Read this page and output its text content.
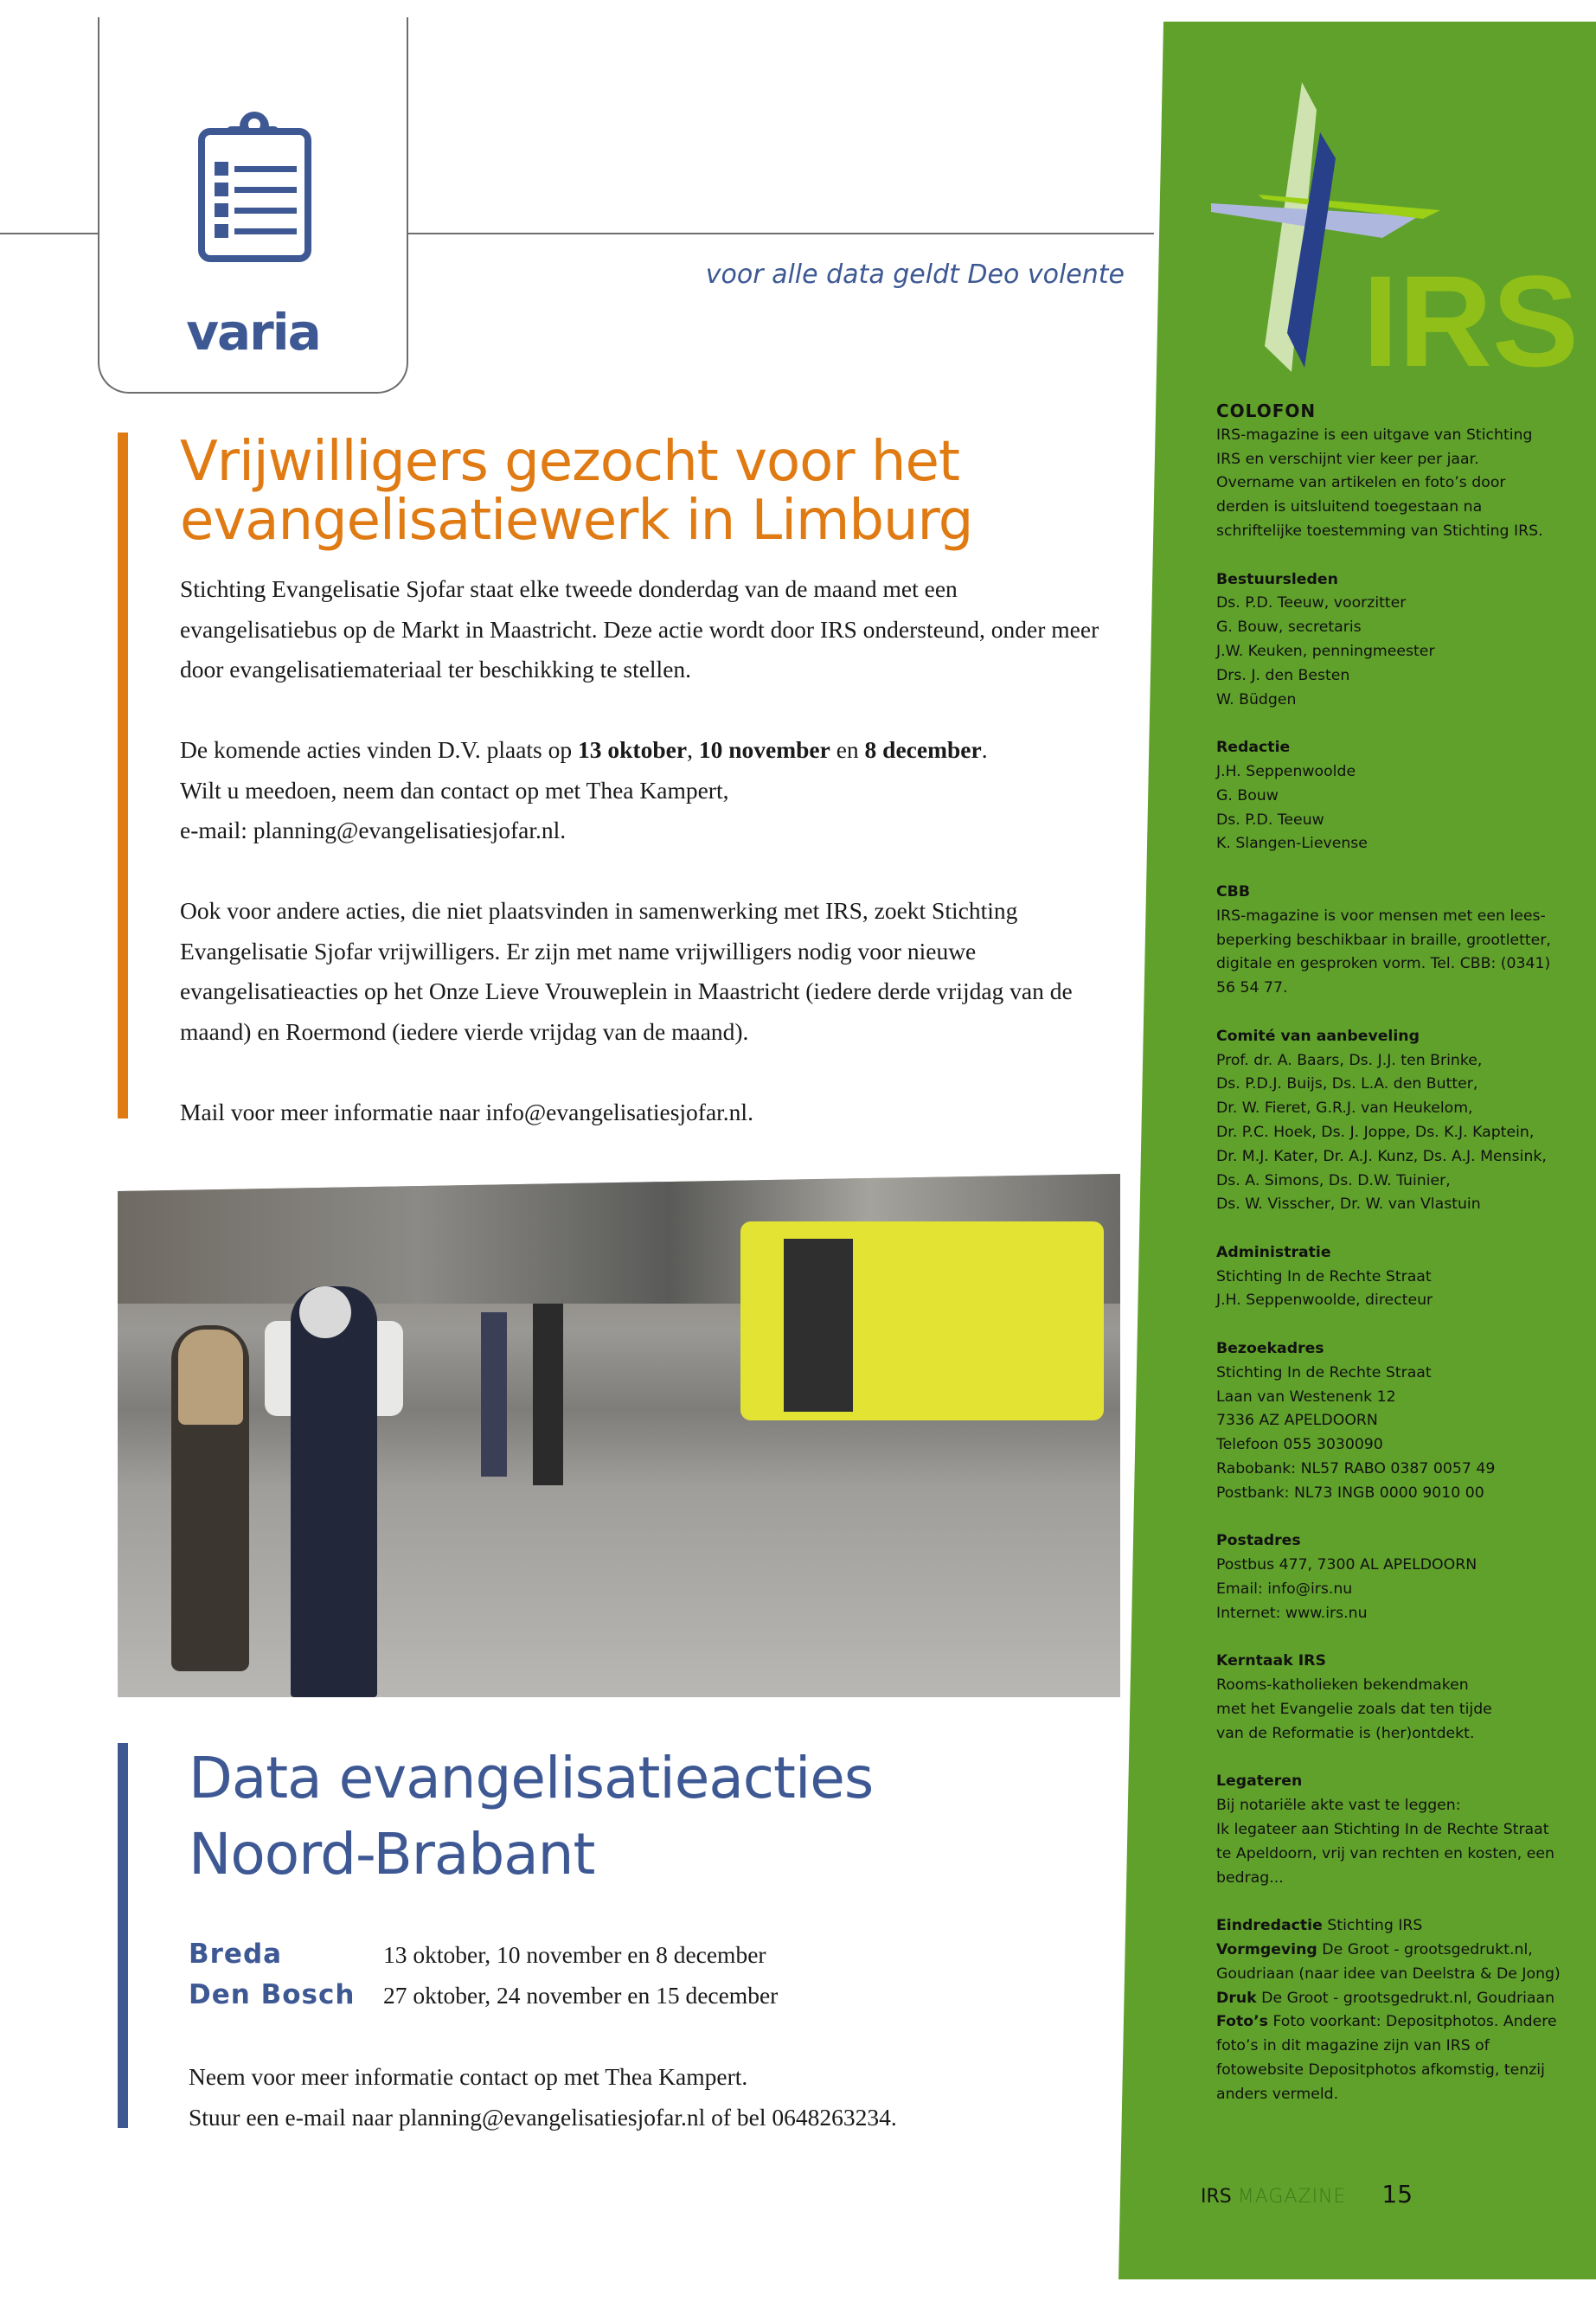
varia
voor alle data geldt Deo volente
Vrijwilligers gezocht voor het
evangelisatiewerk in Limburg

Stichting Evangelisatie Sjofar staat elke tweede donderdag van de maand met een evangelisatiebus op de Markt in Maastricht. Deze actie wordt door IRS ondersteund, onder meer door evangelisatiemateriaal ter beschikking te stellen.

De komende acties vinden D.V. plaats op 13 oktober, 10 november en 8 december.
Wilt u meedoen, neem dan contact op met Thea Kampert,
e-mail: planning@evangelisatiesjofar.nl.

Ook voor andere acties, die niet plaatsvinden in samenwerking met IRS, zoekt Stichting Evangelisatie Sjofar vrijwilligers. Er zijn met name vrijwilligers nodig voor nieuwe evangelisatieacties op het Onze Lieve Vrouweplein in Maastricht (iedere derde vrijdag van de maand) en Roermond (iedere vierde vrijdag van de maand).

Mail voor meer informatie naar info@evangelisatiesjofar.nl.

Data evangelisatieacties
Noord-Brabant
Breda	13 oktober, 10 november en 8 december
Den Bosch	27 oktober, 24 november en 15 december
Neem voor meer informatie contact op met Thea Kampert.
Stuur een e-mail naar planning@evangelisatiesjofar.nl of bel 0648263234.
IRS
COLOFON
IRS-magazine is een uitgave van Stichting
IRS en verschijnt vier keer per jaar.
Overname van artikelen en foto’s door
derden is uitsluitend toegestaan na
schriftelijke toestemming van Stichting IRS.
Bestuursleden
Ds. P.D. Teeuw, voorzitter
G. Bouw, secretaris
J.W. Keuken, penningmeester
Drs. J. den Besten
W. Büdgen
Redactie
J.H. Seppenwoolde
G. Bouw
Ds. P.D. Teeuw
K. Slangen-Lievense
CBB
IRS-magazine is voor mensen met een lees-
beperking beschikbaar in braille, grootletter,
digitale en gesproken vorm. Tel. CBB: (0341)
56 54 77.
Comité van aanbeveling
Prof. dr. A. Baars, Ds. J.J. ten Brinke,
Ds. P.D.J. Buijs, Ds. L.A. den Butter,
Dr. W. Fieret, G.R.J. van Heukelom,
Dr. P.C. Hoek, Ds. J. Joppe, Ds. K.J. Kaptein,
Dr. M.J. Kater, Dr. A.J. Kunz, Ds. A.J. Mensink,
Ds. A. Simons, Ds. D.W. Tuinier,
Ds. W. Visscher, Dr. W. van Vlastuin
Administratie
Stichting In de Rechte Straat
J.H. Seppenwoolde, directeur
Bezoekadres
Stichting In de Rechte Straat
Laan van Westenenk 12
7336 AZ APELDOORN
Telefoon 055 3030090
Rabobank: NL57 RABO 0387 0057 49
Postbank: NL73 INGB 0000 9010 00
Postadres
Postbus 477, 7300 AL APELDOORN
Email: info@irs.nu
Internet: www.irs.nu
Kerntaak IRS
Rooms-katholieken bekendmaken
met het Evangelie zoals dat ten tijde
van de Reformatie is (her)ontdekt.
Legateren
Bij notariële akte vast te leggen:
Ik legateer aan Stichting In de Rechte Straat
te Apeldoorn, vrij van rechten en kosten, een
bedrag...
Eindredactie Stichting IRS
Vormgeving De Groot - grootsgedrukt.nl, Goudriaan (naar idee van Deelstra & De Jong)
Druk De Groot - grootsgedrukt.nl, Goudriaan
Foto’s Foto voorkant: Depositphotos. Andere foto’s in dit magazine zijn van IRS of fotowebsite Depositphotos afkomstig, tenzij anders vermeld.
IRS MAGAZINE 15
